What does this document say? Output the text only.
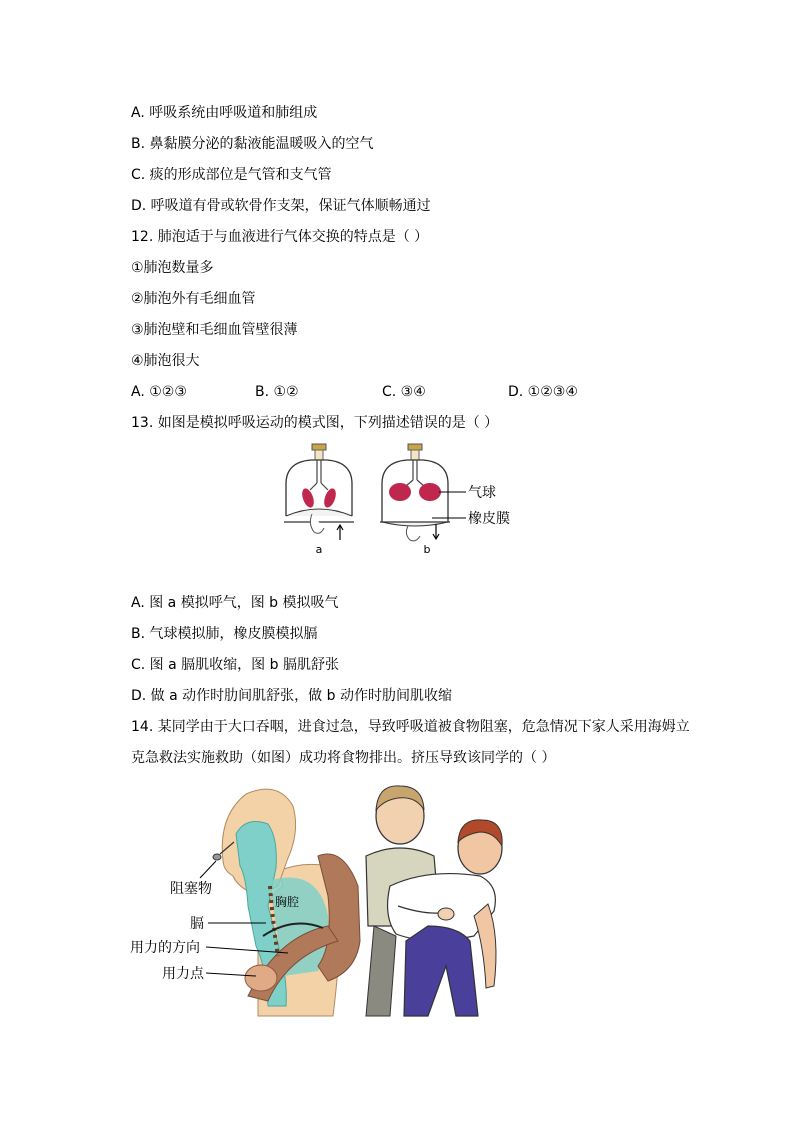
A. 呼吸系统由呼吸道和肺组成
B. 鼻黏膜分泌的黏液能温暖吸入的空气
C. 痰的形成部位是气管和支气管
D. 呼吸道有骨或软骨作支架，保证气体顺畅通过
12. 肺泡适于与血液进行气体交换的特点是（ ）
①肺泡数量多
②肺泡外有毛细血管
③肺泡壁和毛细血管壁很薄
④肺泡很大
A. ①②③	B. ①②	C. ③④	D. ①②③④
13. 如图是模拟呼吸运动的模式图，下列描述错误的是（ ）
a	b
气球
橡皮膜
A. 图 a 模拟呼气，图 b 模拟吸气
B. 气球模拟肺，橡皮膜模拟膈
C. 图 a 膈肌收缩，图 b 膈肌舒张
D. 做 a 动作时肋间肌舒张，做 b 动作时肋间肌收缩
14. 某同学由于大口吞咽，进食过急，导致呼吸道被食物阻塞，危急情况下家人采用海姆立
克急救法实施救助（如图）成功将食物排出。挤压导致该同学的（ ）
阻塞物
胸腔
膈
用力的方向
用力点
